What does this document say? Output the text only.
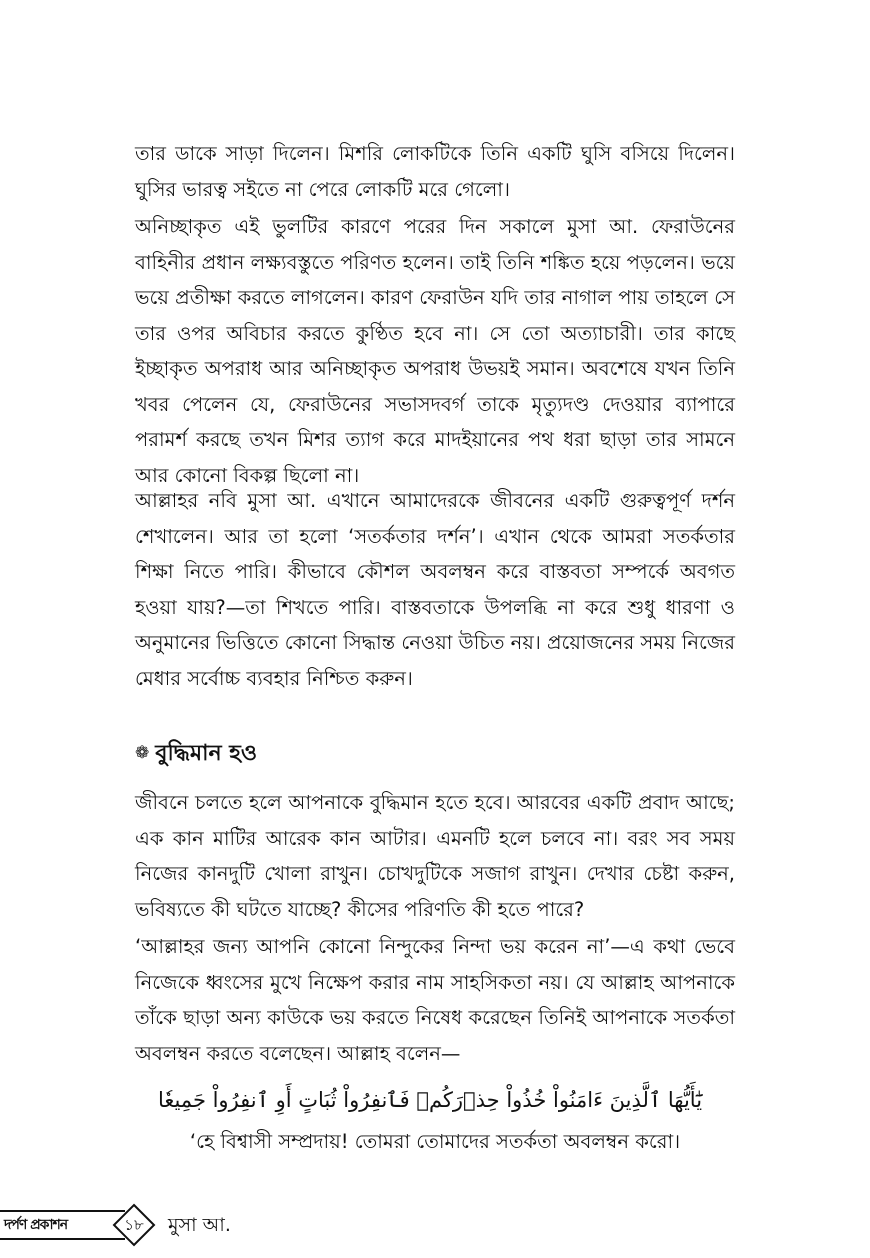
তার ডাকে সাড়া দিলেন। মিশরি লোকটিকে তিনি একটি ঘুসি বসিয়ে দিলেন। ঘুসির ভারত্ব সইতে না পেরে লোকটি মরে গেলো।

অনিচ্ছাকৃত এই ভুলটির কারণে পরের দিন সকালে মুসা আ. ফেরাউনের বাহিনীর প্রধান লক্ষ্যবস্তুতে পরিণত হলেন। তাই তিনি শঙ্কিত হয়ে পড়লেন। ভয়ে ভয়ে প্রতীক্ষা করতে লাগলেন। কারণ ফেরাউন যদি তার নাগাল পায় তাহলে সে তার ওপর অবিচার করতে কুণ্ঠিত হবে না। সে তো অত্যাচারী। তার কাছে ইচ্ছাকৃত অপরাধ আর অনিচ্ছাকৃত অপরাধ উভয়ই সমান। অবশেষে যখন তিনি খবর পেলেন যে, ফেরাউনের সভাসদবর্গ তাকে মৃত্যুদণ্ড দেওয়ার ব্যাপারে পরামর্শ করছে তখন মিশর ত্যাগ করে মাদইয়ানের পথ ধরা ছাড়া তার সামনে আর কোনো বিকল্প ছিলো না।

আল্লাহর নবি মুসা আ. এখানে আমাদেরকে জীবনের একটি গুরুত্বপূর্ণ দর্শন শেখালেন। আর তা হলো ‘সতর্কতার দর্শন’। এখান থেকে আমরা সতর্কতার শিক্ষা নিতে পারি। কীভাবে কৌশল অবলম্বন করে বাস্তবতা সম্পর্কে অবগত হওয়া যায়?—তা শিখতে পারি। বাস্তবতাকে উপলব্ধি না করে শুধু ধারণা ও অনুমানের ভিত্তিতে কোনো সিদ্ধান্ত নেওয়া উচিত নয়। প্রয়োজনের সময় নিজের মেধার সর্বোচ্চ ব্যবহার নিশ্চিত করুন।

❁ বুদ্ধিমান হও

জীবনে চলতে হলে আপনাকে বুদ্ধিমান হতে হবে। আরবের একটি প্রবাদ আছে; এক কান মাটির আরেক কান আটার। এমনটি হলে চলবে না। বরং সব সময় নিজের কানদুটি খোলা রাখুন। চোখদুটিকে সজাগ রাখুন। দেখার চেষ্টা করুন, ভবিষ্যতে কী ঘটতে যাচ্ছে? কীসের পরিণতি কী হতে পারে?

‘আল্লাহর জন্য আপনি কোনো নিন্দুকের নিন্দা ভয় করেন না’—এ কথা ভেবে নিজেকে ধ্বংসের মুখে নিক্ষেপ করার নাম সাহসিকতা নয়। যে আল্লাহ আপনাকে তাঁকে ছাড়া অন্য কাউকে ভয় করতে নিষেধ করেছেন তিনিই আপনাকে সতর্কতা অবলম্বন করতে বলেছেন। আল্লাহ বলেন—

يَٰٓأَيُّهَا ٱلَّذِينَ ءَامَنُواْ خُذُواْ حِذۡرَكُمۡ فَٱنفِرُواْ ثُبَاتٍ أَوِ ٱنفِرُواْ جَمِيعٗا

‘হে বিশ্বাসী সম্প্রদায়! তোমরা তোমাদের সতর্কতা অবলম্বন করো।

দর্পণ প্রকাশন	১৮	মুসা আ.
